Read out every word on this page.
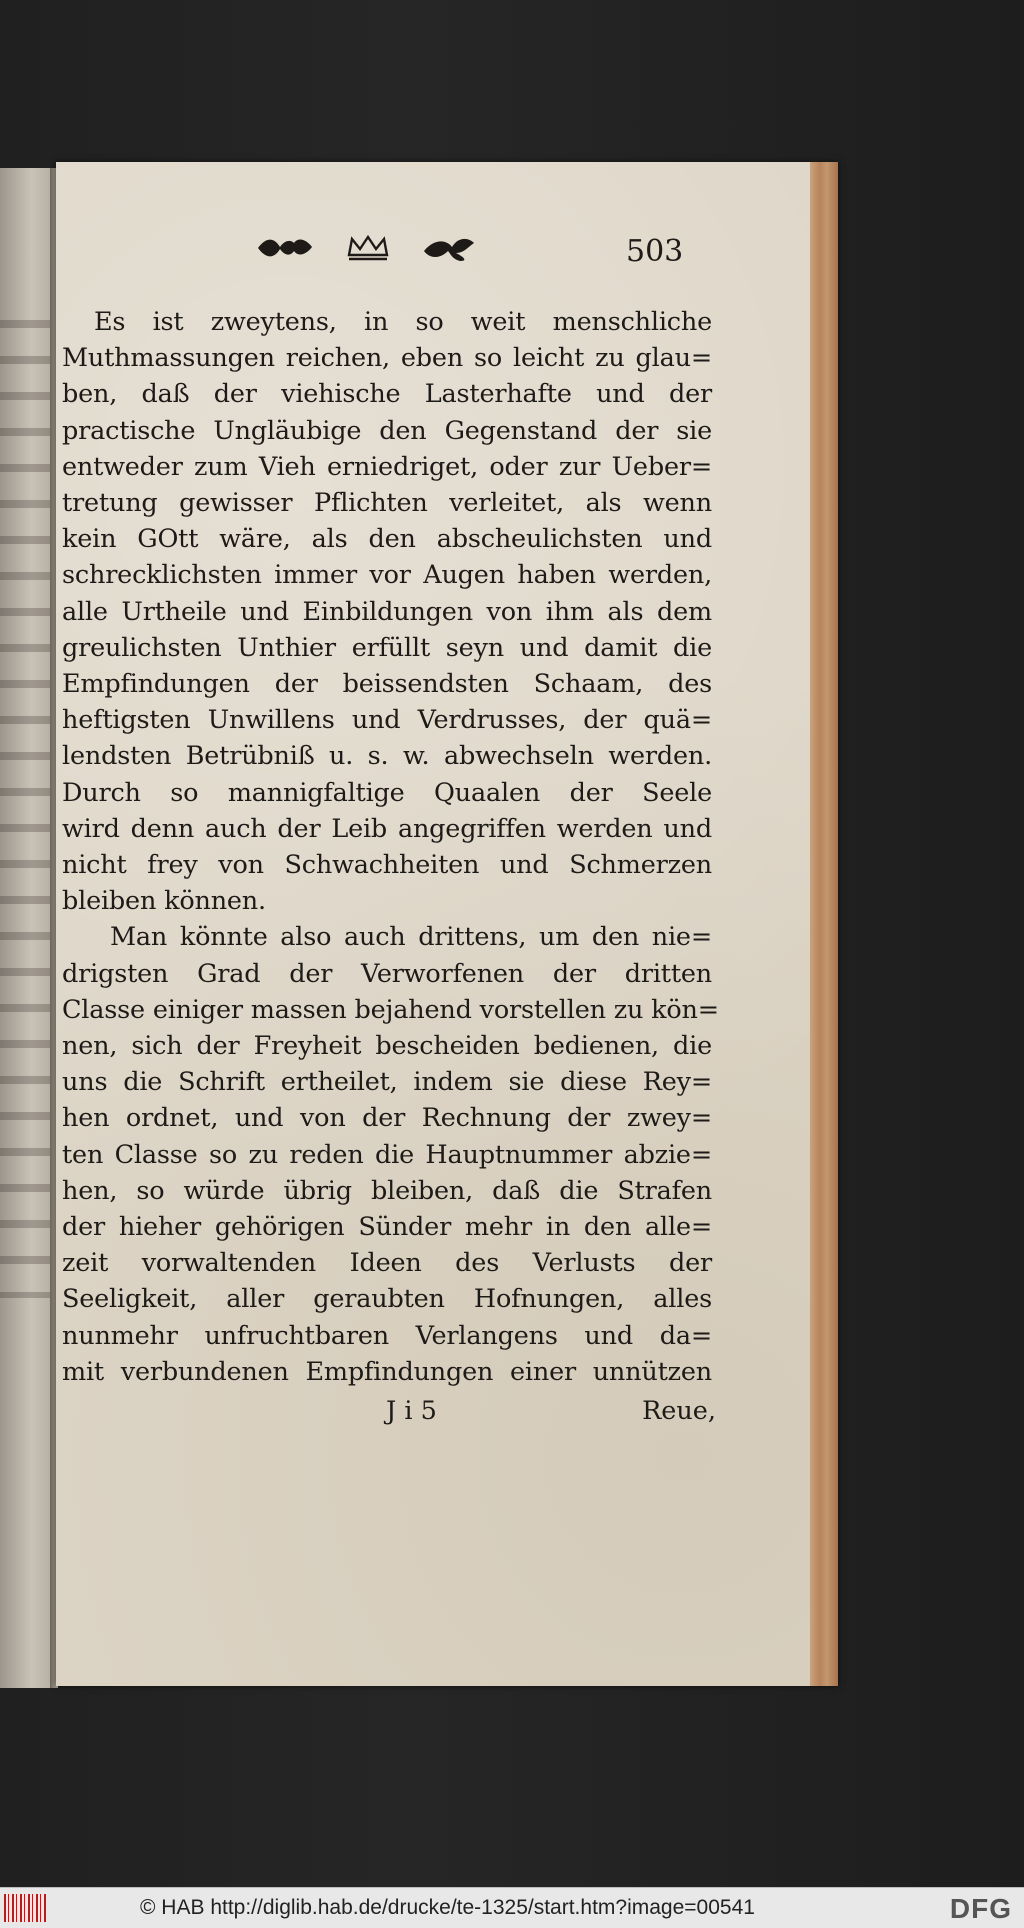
503
Es ist zweytens, in so weit menschliche
Muthmassungen reichen, eben so leicht zu glau=
ben, daß der viehische Lasterhafte und der
practische Ungläubige den Gegenstand der sie
entweder zum Vieh erniedriget, oder zur Ueber=
tretung gewisser Pflichten verleitet, als wenn
kein GOtt wäre, als den abscheulichsten und
schrecklichsten immer vor Augen haben werden,
alle Urtheile und Einbildungen von ihm als dem
greulichsten Unthier erfüllt seyn und damit die
Empfindungen der beissendsten Schaam, des
heftigsten Unwillens und Verdrusses, der quä=
lendsten Betrübniß u. s. w. abwechseln werden.
Durch so mannigfaltige Quaalen der Seele
wird denn auch der Leib angegriffen werden und
nicht frey von Schwachheiten und Schmerzen
bleiben können.
Man könnte also auch drittens, um den nie=
drigsten Grad der Verworfenen der dritten
Classe einiger massen bejahend vorstellen zu kön=
nen, sich der Freyheit bescheiden bedienen, die
uns die Schrift ertheilet, indem sie diese Rey=
hen ordnet, und von der Rechnung der zwey=
ten Classe so zu reden die Hauptnummer abzie=
hen, so würde übrig bleiben, daß die Strafen
der hieher gehörigen Sünder mehr in den alle=
zeit vorwaltenden Ideen des Verlusts der
Seeligkeit, aller geraubten Hofnungen, alles
nunmehr unfruchtbaren Verlangens und da=
mit verbundenen Empfindungen einer unnützen
J i 5	Reue,
© HAB http://diglib.hab.de/drucke/te-1325/start.htm?image=00541	DFG
